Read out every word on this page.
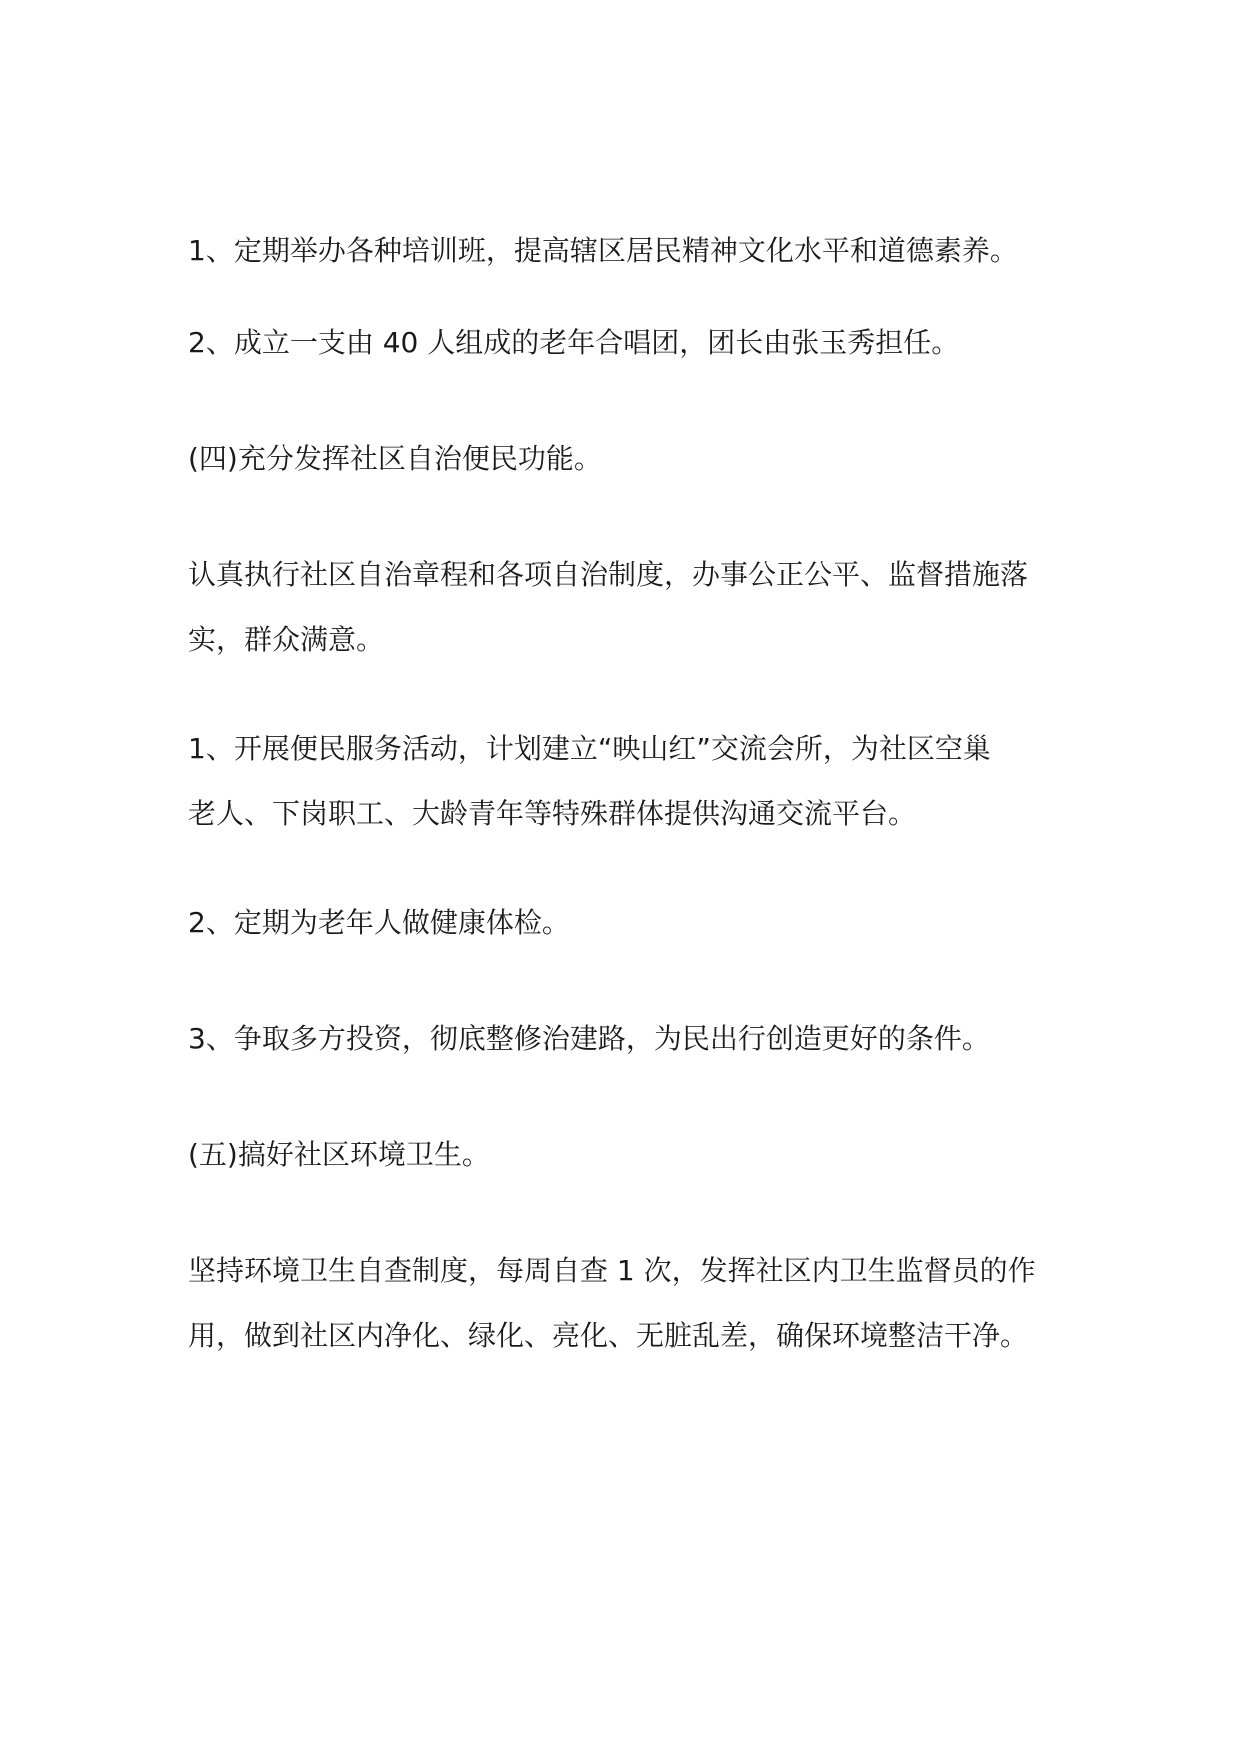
1、定期举办各种培训班，提高辖区居民精神文化水平和道德素养。

2、成立一支由 40 人组成的老年合唱团，团长由张玉秀担任。

(四)充分发挥社区自治便民功能。

认真执行社区自治章程和各项自治制度，办事公正公平、监督措施落
实，群众满意。

1、开展便民服务活动，计划建立“映山红”交流会所，为社区空巢
老人、下岗职工、大龄青年等特殊群体提供沟通交流平台。

2、定期为老年人做健康体检。

3、争取多方投资，彻底整修治建路，为民出行创造更好的条件。

(五)搞好社区环境卫生。

坚持环境卫生自查制度，每周自查 1 次，发挥社区内卫生监督员的作
用，做到社区内净化、绿化、亮化、无脏乱差，确保环境整洁干净。
